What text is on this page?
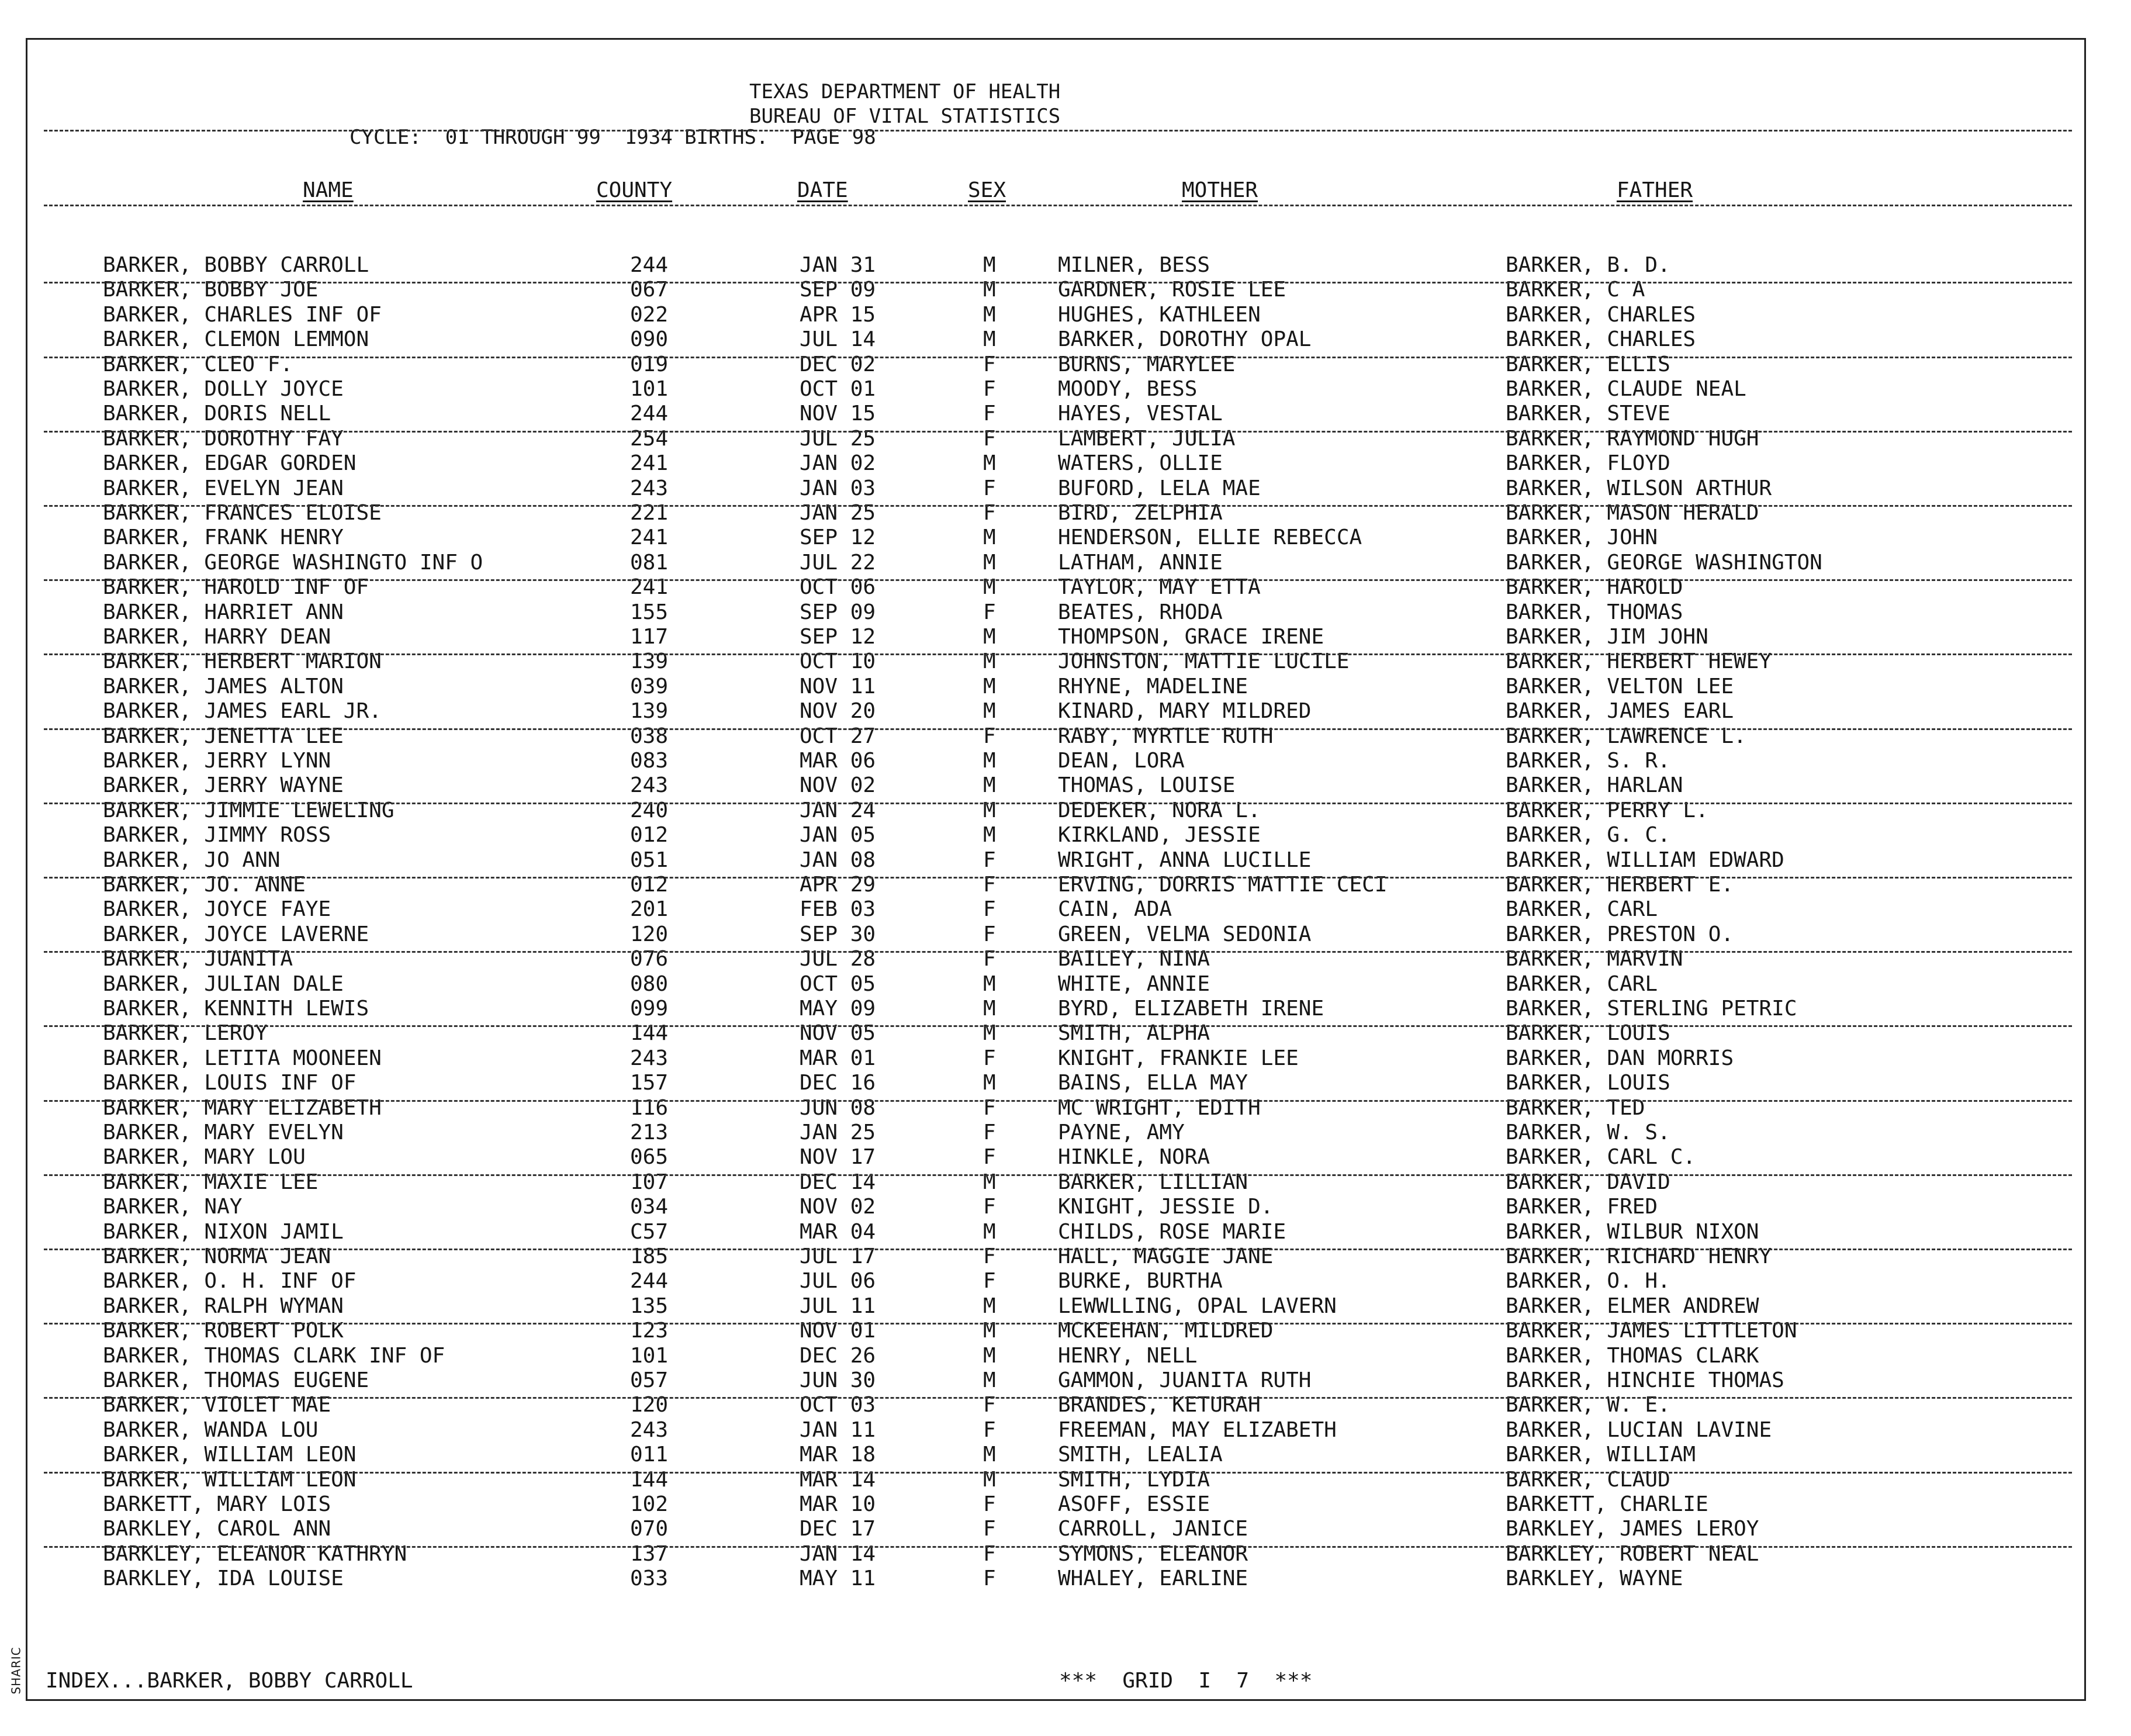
SHARIC
TEXAS DEPARTMENT OF HEALTH
BUREAU OF VITAL STATISTICS
CYCLE:  01 THROUGH 99  1934 BIRTHS.  PAGE 98
NAME	COUNTY	DATE	SEX	MOTHER	FATHER
BARKER, BOBBY CARROLL	244	JAN 31	M	MILNER, BESS	BARKER, B. D.
BARKER, BOBBY JOE	067	SEP 09	M	GARDNER, ROSIE LEE	BARKER, C A
BARKER, CHARLES INF OF	022	APR 15	M	HUGHES, KATHLEEN	BARKER, CHARLES
BARKER, CLEMON LEMMON	090	JUL 14	M	BARKER, DOROTHY OPAL	BARKER, CHARLES
BARKER, CLEO F.	019	DEC 02	F	BURNS, MARYLEE	BARKER, ELLIS
BARKER, DOLLY JOYCE	101	OCT 01	F	MOODY, BESS	BARKER, CLAUDE NEAL
BARKER, DORIS NELL	244	NOV 15	F	HAYES, VESTAL	BARKER, STEVE
BARKER, DOROTHY FAY	254	JUL 25	F	LAMBERT, JULIA	BARKER, RAYMOND HUGH
BARKER, EDGAR GORDEN	241	JAN 02	M	WATERS, OLLIE	BARKER, FLOYD
BARKER, EVELYN JEAN	243	JAN 03	F	BUFORD, LELA MAE	BARKER, WILSON ARTHUR
BARKER, FRANCES ELOISE	221	JAN 25	F	BIRD, ZELPHIA	BARKER, MASON HERALD
BARKER, FRANK HENRY	241	SEP 12	M	HENDERSON, ELLIE REBECCA	BARKER, JOHN
BARKER, GEORGE WASHINGTO INF O	081	JUL 22	M	LATHAM, ANNIE	BARKER, GEORGE WASHINGTON
BARKER, HAROLD INF OF	241	OCT 06	M	TAYLOR, MAY ETTA	BARKER, HAROLD
BARKER, HARRIET ANN	155	SEP 09	F	BEATES, RHODA	BARKER, THOMAS
BARKER, HARRY DEAN	117	SEP 12	M	THOMPSON, GRACE IRENE	BARKER, JIM JOHN
BARKER, HERBERT MARION	139	OCT 10	M	JOHNSTON, MATTIE LUCILE	BARKER, HERBERT HEWEY
BARKER, JAMES ALTON	039	NOV 11	M	RHYNE, MADELINE	BARKER, VELTON LEE
BARKER, JAMES EARL JR.	139	NOV 20	M	KINARD, MARY MILDRED	BARKER, JAMES EARL
BARKER, JENETTA LEE	038	OCT 27	F	RABY, MYRTLE RUTH	BARKER, LAWRENCE L.
BARKER, JERRY LYNN	083	MAR 06	M	DEAN, LORA	BARKER, S. R.
BARKER, JERRY WAYNE	243	NOV 02	M	THOMAS, LOUISE	BARKER, HARLAN
BARKER, JIMMIE LEWELING	240	JAN 24	M	DEDEKER, NORA L.	BARKER, PERRY L.
BARKER, JIMMY ROSS	012	JAN 05	M	KIRKLAND, JESSIE	BARKER, G. C.
BARKER, JO ANN	051	JAN 08	F	WRIGHT, ANNA LUCILLE	BARKER, WILLIAM EDWARD
BARKER, JO. ANNE	012	APR 29	F	ERVING, DORRIS MATTIE CECI	BARKER, HERBERT E.
BARKER, JOYCE FAYE	201	FEB 03	F	CAIN, ADA	BARKER, CARL
BARKER, JOYCE LAVERNE	120	SEP 30	F	GREEN, VELMA SEDONIA	BARKER, PRESTON O.
BARKER, JUANITA	076	JUL 28	F	BAILEY, NINA	BARKER, MARVIN
BARKER, JULIAN DALE	080	OCT 05	M	WHITE, ANNIE	BARKER, CARL
BARKER, KENNITH LEWIS	099	MAY 09	M	BYRD, ELIZABETH IRENE	BARKER, STERLING PETRIC
BARKER, LEROY	144	NOV 05	M	SMITH, ALPHA	BARKER, LOUIS
BARKER, LETITA MOONEEN	243	MAR 01	F	KNIGHT, FRANKIE LEE	BARKER, DAN MORRIS
BARKER, LOUIS INF OF	157	DEC 16	M	BAINS, ELLA MAY	BARKER, LOUIS
BARKER, MARY ELIZABETH	116	JUN 08	F	MC WRIGHT, EDITH	BARKER, TED
BARKER, MARY EVELYN	213	JAN 25	F	PAYNE, AMY	BARKER, W. S.
BARKER, MARY LOU	065	NOV 17	F	HINKLE, NORA	BARKER, CARL C.
BARKER, MAXIE LEE	107	DEC 14	M	BARKER, LILLIAN	BARKER, DAVID
BARKER, NAY	034	NOV 02	F	KNIGHT, JESSIE D.	BARKER, FRED
BARKER, NIXON JAMIL	C57	MAR 04	M	CHILDS, ROSE MARIE	BARKER, WILBUR NIXON
BARKER, NORMA JEAN	185	JUL 17	F	HALL, MAGGIE JANE	BARKER, RICHARD HENRY
BARKER, O. H. INF OF	244	JUL 06	F	BURKE, BURTHA	BARKER, O. H.
BARKER, RALPH WYMAN	135	JUL 11	M	LEWWLLING, OPAL LAVERN	BARKER, ELMER ANDREW
BARKER, ROBERT POLK	123	NOV 01	M	MCKEEHAN, MILDRED	BARKER, JAMES LITTLETON
BARKER, THOMAS CLARK INF OF	101	DEC 26	M	HENRY, NELL	BARKER, THOMAS CLARK
BARKER, THOMAS EUGENE	057	JUN 30	M	GAMMON, JUANITA RUTH	BARKER, HINCHIE THOMAS
BARKER, VIOLET MAE	120	OCT 03	F	BRANDES, KETURAH	BARKER, W. E.
BARKER, WANDA LOU	243	JAN 11	F	FREEMAN, MAY ELIZABETH	BARKER, LUCIAN LAVINE
BARKER, WILLIAM LEON	011	MAR 18	M	SMITH, LEALIA	BARKER, WILLIAM
BARKER, WILLIAM LEON	144	MAR 14	M	SMITH, LYDIA	BARKER, CLAUD
BARKETT, MARY LOIS	102	MAR 10	F	ASOFF, ESSIE	BARKETT, CHARLIE
BARKLEY, CAROL ANN	070	DEC 17	F	CARROLL, JANICE	BARKLEY, JAMES LEROY
BARKLEY, ELEANOR KATHRYN	137	JAN 14	F	SYMONS, ELEANOR	BARKLEY, ROBERT NEAL
BARKLEY, IDA LOUISE	033	MAY 11	F	WHALEY, EARLINE	BARKLEY, WAYNE
INDEX...BARKER, BOBBY CARROLL	***  GRID  I  7  ***
